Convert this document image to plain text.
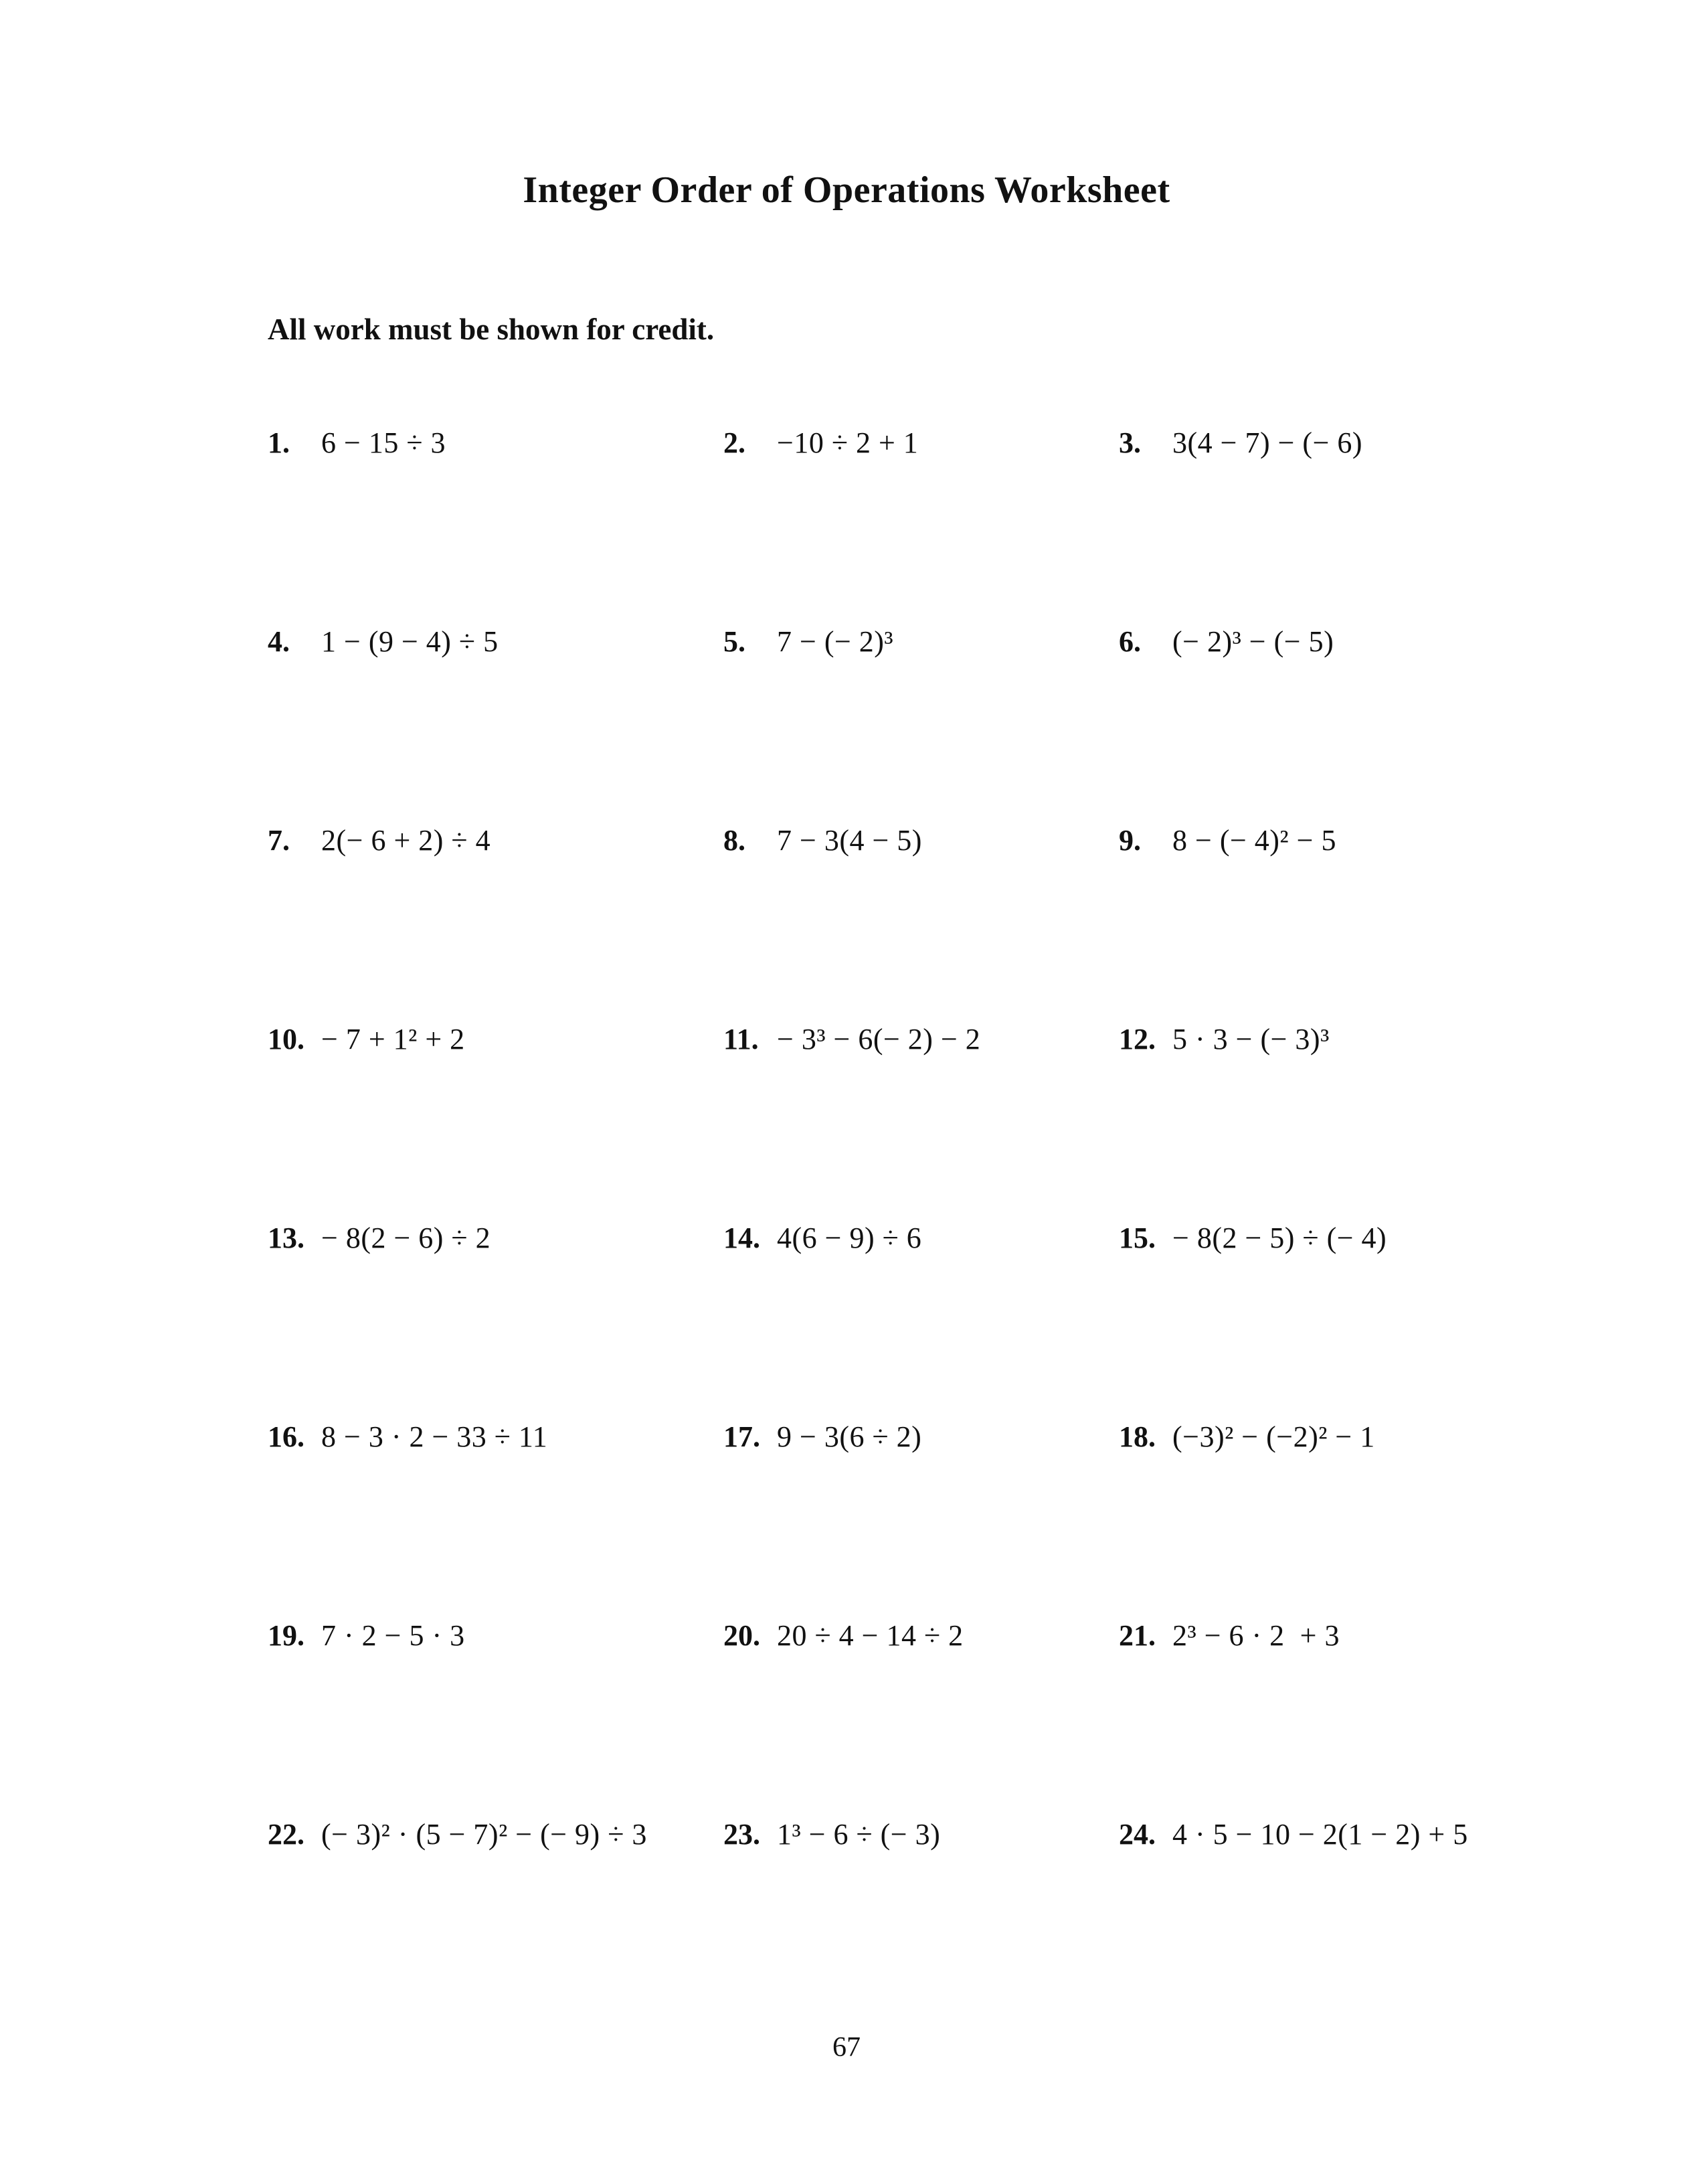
Integer Order of Operations Worksheet
All work must be shown for credit.
1.	6 − 15 ÷ 3	2.	−10 ÷ 2 + 1	3.	3(4 − 7) − (− 6)
4.	1 − (9 − 4) ÷ 5	5.	7 − (− 2)³	6.	(− 2)³ − (− 5)
7.	2(− 6 + 2) ÷ 4	8.	7 − 3(4 − 5)	9.	8 − (− 4)² − 5
10. − 7 + 1² + 2	11. − 3³ − 6(− 2) − 2	12. 5 · 3 − (− 3)³
13. − 8(2 − 6) ÷ 2	14. 4(6 − 9) ÷ 6	15. − 8(2 − 5) ÷ (− 4)
16. 8 − 3 · 2 − 33 ÷ 11	17. 9 − 3(6 ÷ 2)	18. (−3)² − (−2)² − 1
19. 7 · 2 − 5 · 3	20. 20 ÷ 4 − 14 ÷ 2	21. 2³ − 6 · 2  + 3
22. (− 3)² · (5 − 7)² − (− 9) ÷ 3	23. 1³ − 6 ÷ (− 3)	24. 4 · 5 − 10 − 2(1 − 2) + 5
67
